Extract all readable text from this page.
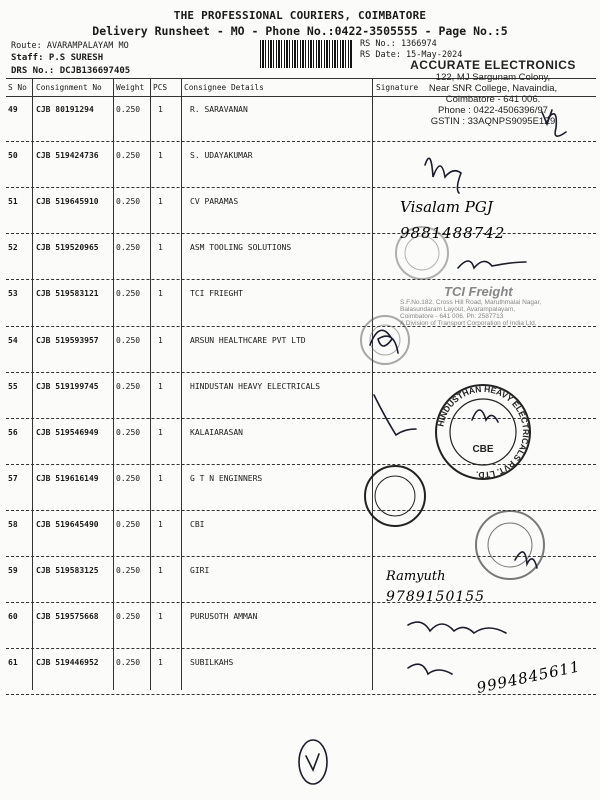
THE PROFESSIONAL COURIERS, COIMBATORE
Delivery Runsheet - MO - Phone No.:0422-3505555 - Page No.:5
Route: AVARAMPALAYAM MO
Staff: P.S SURESH
DRS No.: DCJB136697405
RS No.: 1366974
RS Date: 15-May-2024
S No Consignment No Weight PCS Consignee Details	Signature
49 CJB 80191294	0.250 1	R. SARAVANAN
50 CJB 519424736 0.250 1	S. UDAYAKUMAR
51 CJB 519645910 0.250 1	CV PARAMAS
52 CJB 519520965 0.250 1	ASM TOOLING SOLUTIONS
53 CJB 519583121 0.250 1	TCI FRIEGHT
54 CJB 519593957 0.250 1	ARSUN HEALTHCARE PVT LTD
55 CJB 519199745 0.250 1	HINDUSTAN HEAVY ELECTRICALS
56 CJB 519546949 0.250 1	KALAIARASAN
57 CJB 519616149 0.250 1	G T N ENGINNERS
58 CJB 519645490 0.250 1	CBI
59 CJB 519583125 0.250 1	GIRI
60 CJB 519575668 0.250 1	PURUSOTH AMMAN
61 CJB 519446952 0.250 1	SUBILKAHS
ACCURATE ELECTRONICS
122, MJ Sargunam Colony,
Near SNR College, Navaindia,
Coimbatore - 641 006.
Phone : 0422-4506396/97
GSTIN : 33AQNPS9095E1Z9
TCI Freight
S.F.No.182, Cross Hill Road, Maruthmalai Nagar,
Balasundaram Layout, Avarampalayam,
Coimbatore - 641 006. Ph: 2587713
A Division of Transport Corporation of India Ltd.
HINDUSTHAN HEAVY ELECTRICALS PVT. LTD.
CBE
Visalam PGJ
9881488742
Ramyuth
9789150155
9994845611
